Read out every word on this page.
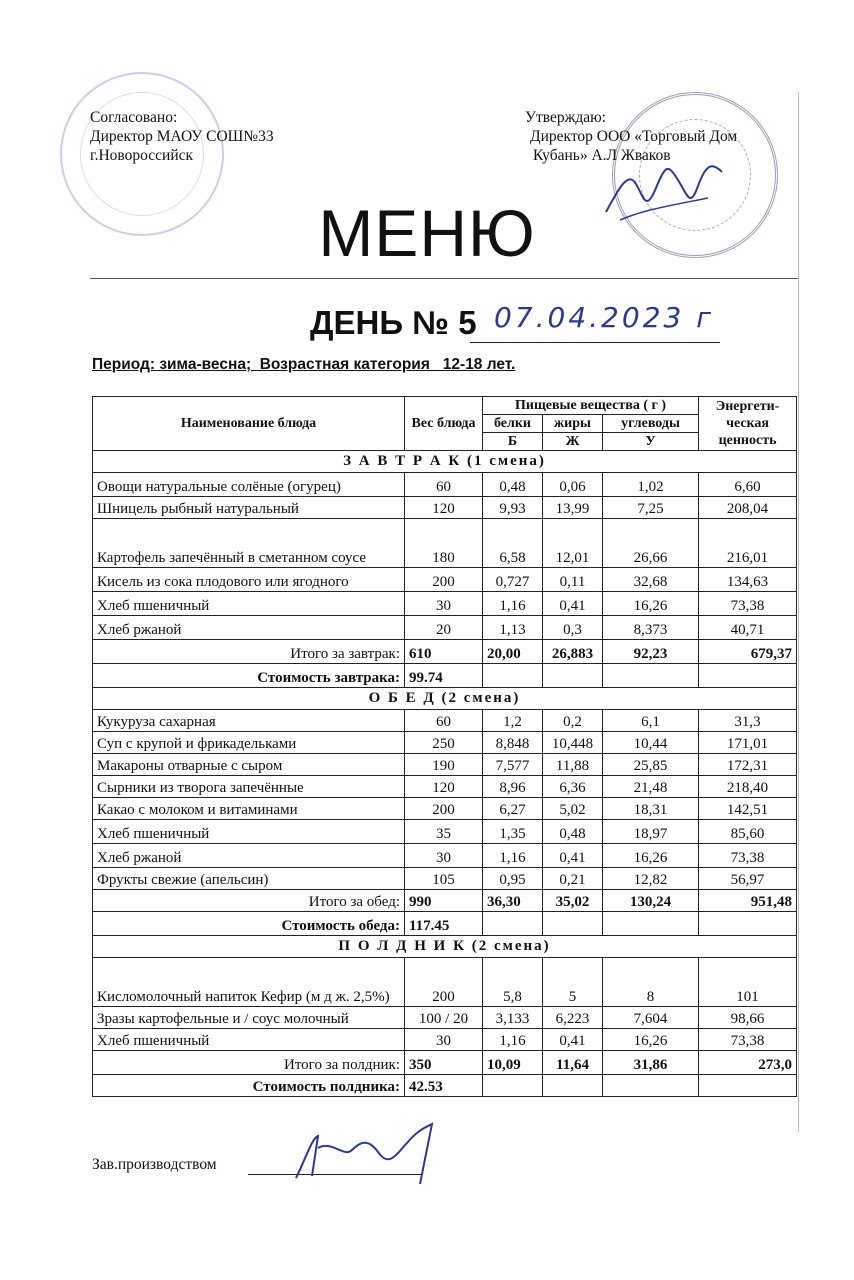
Согласовано:
Директор МАОУ СОШ№33
г.Новороссийск
Утверждаю:
Директор ООО «Торговый Дом
Кубань» А.Л Жваков
МЕНЮ
ДЕНЬ № 5 07.04.2023 г
Период: зима-весна;  Возрастная категория   12-18 лет.
Наименование блюда	Вес блюда	Пищевые вещества ( г )			Энергети-ческая ценность
		белки	жиры	углеводы	
		Б	Ж	У	
З А В Т Р А К (1 смена)					
Овощи натуральные солёные (огурец)	60	0,48	0,06	1,02	6,60
Шницель рыбный натуральный	120	9,93	13,99	7,25	208,04
Картофель запечённый в сметанном соусе	180	6,58	12,01	26,66	216,01
Кисель из сока плодового или ягодного	200	0,727	0,11	32,68	134,63
Хлеб пшеничный	30	1,16	0,41	16,26	73,38
Хлеб ржаной	20	1,13	0,3	8,373	40,71
Итого за завтрак:	610	20,00	26,883	92,23	679,37
Стоимость завтрака:	99.74				
О Б Е Д (2 смена)					
Кукуруза сахарная	60	1,2	0,2	6,1	31,3
Суп с крупой и фрикадельками	250	8,848	10,448	10,44	171,01
Макароны отварные с сыром	190	7,577	11,88	25,85	172,31
Сырники из творога запечённые	120	8,96	6,36	21,48	218,40
Какао с молоком и витаминами	200	6,27	5,02	18,31	142,51
Хлеб пшеничный	35	1,35	0,48	18,97	85,60
Хлеб ржаной	30	1,16	0,41	16,26	73,38
Фрукты свежие (апельсин)	105	0,95	0,21	12,82	56,97
Итого за обед:	990	36,30	35,02	130,24	951,48
Стоимость обеда:	117.45				
П О Л Д Н И К (2 смена)					
Кисломолочный напиток Кефир (м д ж. 2,5%)	200	5,8	5	8	101
Зразы картофельные и / соус молочный	100 / 20	3,133	6,223	7,604	98,66
Хлеб пшеничный	30	1,16	0,41	16,26	73,38
Итого за полдник:	350	10,09	11,64	31,86	273,0
Стоимость полдника:	42.53				
Зав.производством
